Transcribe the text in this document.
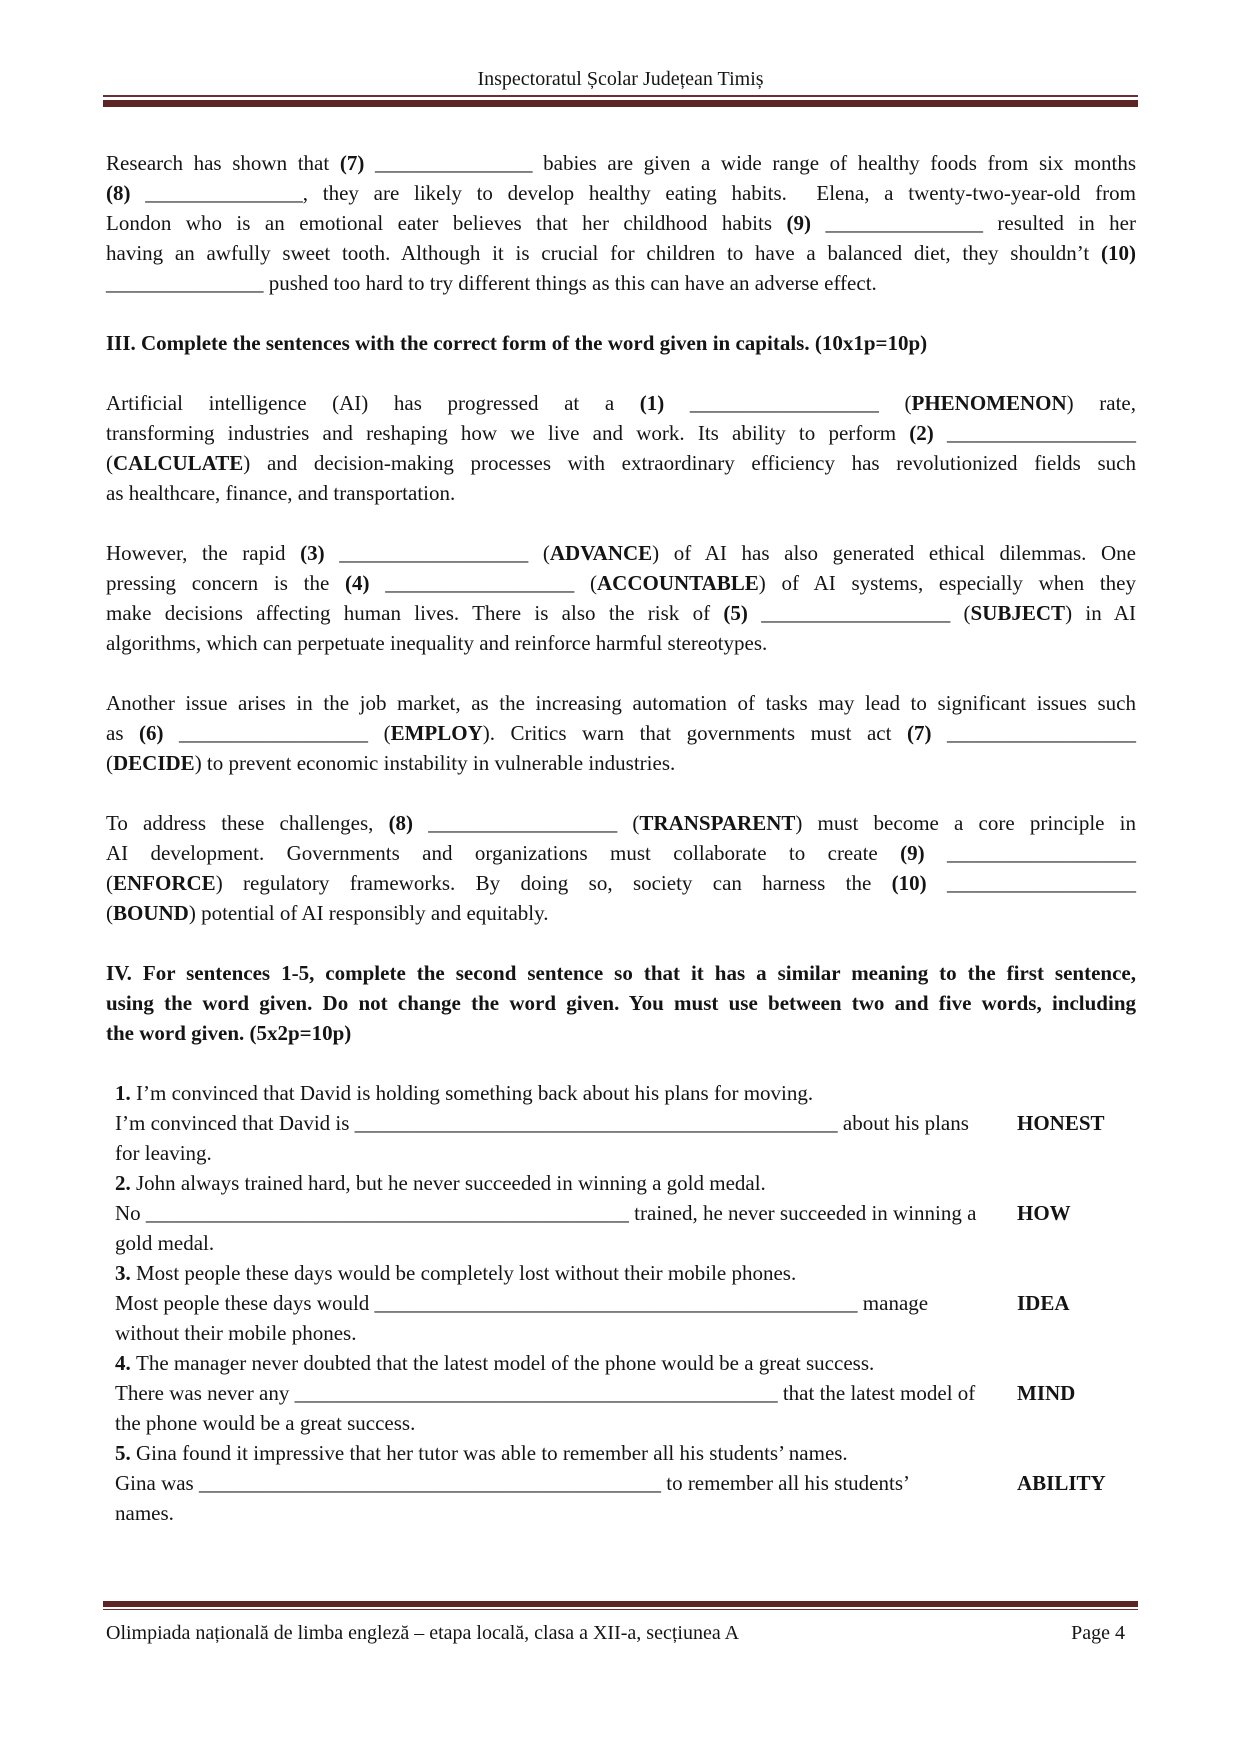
Inspectoratul Școlar Județean Timiș
Research has shown that (7) _______________ babies are given a wide range of healthy foods from six months
(8) _______________, they are likely to develop healthy eating habits.  Elena, a twenty-two-year-old from
London who is an emotional eater believes that her childhood habits (9) _______________ resulted in her
having an awfully sweet tooth. Although it is crucial for children to have a balanced diet, they shouldn’t (10)
_______________ pushed too hard to try different things as this can have an adverse effect.
III. Complete the sentences with the correct form of the word given in capitals. (10x1p=10p)
Artificial intelligence (AI) has progressed at a (1) __________________ (PHENOMENON) rate,
transforming industries and reshaping how we live and work. Its ability to perform (2) __________________
(CALCULATE) and decision-making processes with extraordinary efficiency has revolutionized fields such
as healthcare, finance, and transportation.
However, the rapid (3) __________________ (ADVANCE) of AI has also generated ethical dilemmas. One
pressing concern is the (4) __________________ (ACCOUNTABLE) of AI systems, especially when they
make decisions affecting human lives. There is also the risk of (5) __________________ (SUBJECT) in AI
algorithms, which can perpetuate inequality and reinforce harmful stereotypes.
Another issue arises in the job market, as the increasing automation of tasks may lead to significant issues such
as (6) __________________ (EMPLOY). Critics warn that governments must act (7) __________________
(DECIDE) to prevent economic instability in vulnerable industries.
To address these challenges, (8) __________________ (TRANSPARENT) must become a core principle in
AI development. Governments and organizations must collaborate to create (9) __________________
(ENFORCE) regulatory frameworks. By doing so, society can harness the (10) __________________
(BOUND) potential of AI responsibly and equitably.
IV. For sentences 1-5, complete the second sentence so that it has a similar meaning to the first sentence,
using the word given. Do not change the word given. You must use between two and five words, including
the word given. (5x2p=10p)
1. I’m convinced that David is holding something back about his plans for moving.
I’m convinced that David is ______________________________________________ about his plans
for leaving.
HONEST
2. John always trained hard, but he never succeeded in winning a gold medal.
No ______________________________________________ trained, he never succeeded in winning a
gold medal.
HOW
3. Most people these days would be completely lost without their mobile phones.
Most people these days would ______________________________________________ manage
without their mobile phones.
IDEA
4. The manager never doubted that the latest model of the phone would be a great success.
There was never any ______________________________________________ that the latest model of
the phone would be a great success.
MIND
5. Gina found it impressive that her tutor was able to remember all his students’ names.
Gina was ____________________________________________ to remember all his students’
names.
ABILITY
Olimpiada națională de limba engleză – etapa locală, clasa a XII-a, secțiunea A	Page 4
